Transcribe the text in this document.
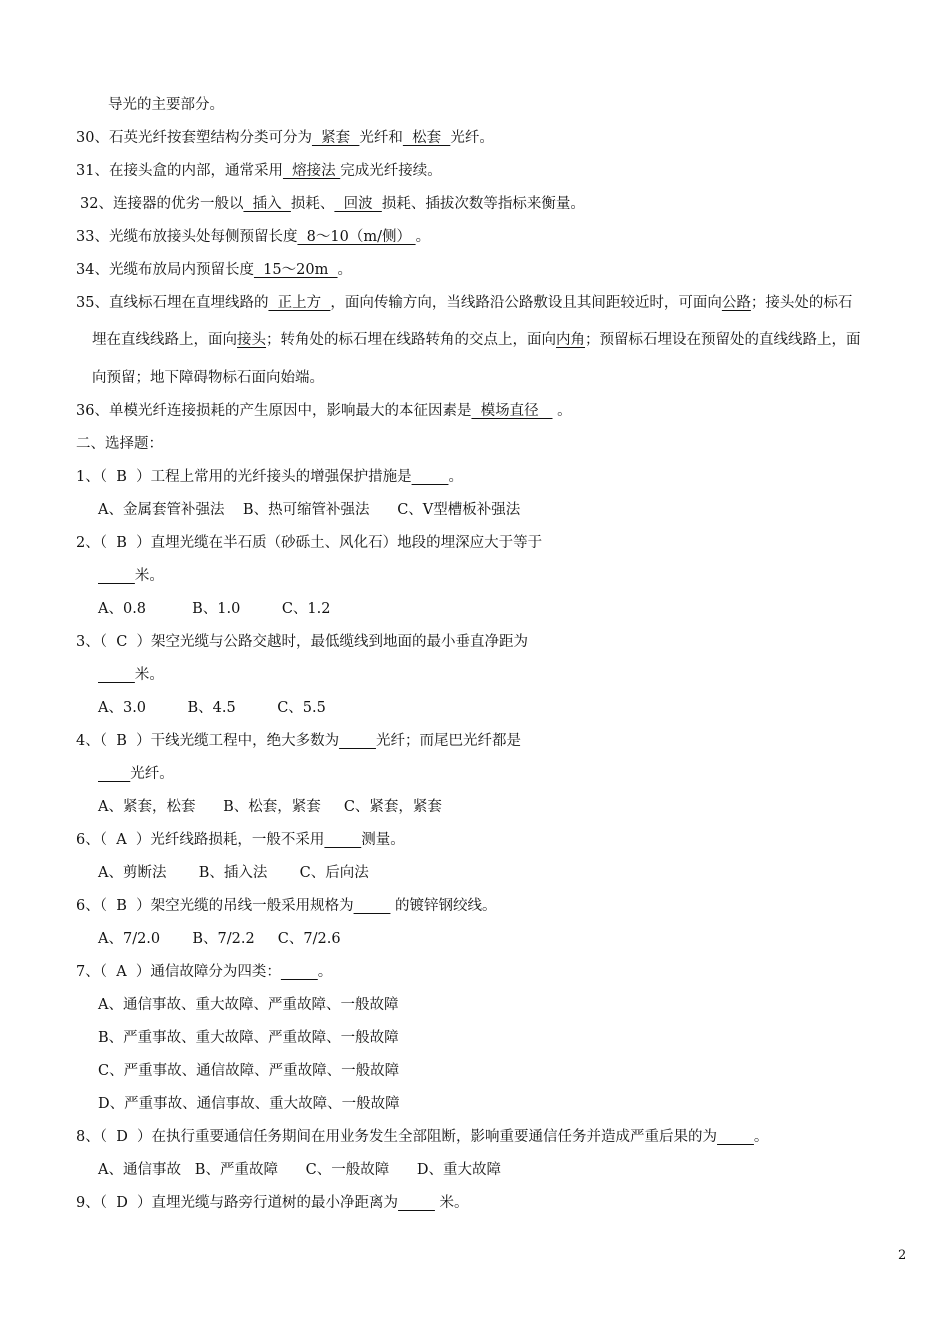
导光的主要部分。
30、石英光纤按套塑结构分类可分为  紧套  光纤和  松套  光纤。
31、在接头盒的内部，通常采用  熔接法 完成光纤接续。
32、连接器的优劣一般以  插入  损耗、  回波  损耗、插拔次数等指标来衡量。
33、光缆布放接头处每侧预留长度  8～10（m/侧） 。
34、光缆布放局内预留长度  15～20m  。
35、直线标石埋在直埋线路的  正上方  ，面向传输方向，当线路沿公路敷设且其间距较近时，可面向公路；接头处的标石
埋在直线线路上，面向接头；转角处的标石埋在线路转角的交点上，面向内角；预留标石埋设在预留处的直线线路上，面
向预留；地下障碍物标石面向始端。
36、单模光纤连接损耗的产生原因中，影响最大的本征因素是  模场直径    。
二、选择题：
1、（  B  ）工程上常用的光纤接头的增强保护措施是	。
A、金属套管补强法    B、热可缩管补强法      C、V型槽板补强法
2、（  B  ）直埋光缆在半石质（砂砾土、风化石）地段的埋深应大于等于
米。
A、0.8          B、1.0         C、1.2
3、（  C  ）架空光缆与公路交越时，最低缆线到地面的最小垂直净距为
米。
A、3.0         B、4.5         C、5.5
4、（  B  ）干线光缆工程中，绝大多数为	光纤；而尾巴光纤都是
光纤。
A、紧套，松套      B、松套，紧套     C、紧套，紧套
6、（  A  ）光纤线路损耗，一般不采用	测量。
A、剪断法       B、插入法       C、后向法
6、（  B  ）架空光缆的吊线一般采用规格为	的镀锌钢绞线。
A、7/2.0       B、7/2.2     C、7/2.6
7、（  A  ）通信故障分为四类：	。
A、通信事故、重大故障、严重故障、一般故障
B、严重事故、重大故障、严重故障、一般故障
C、严重事故、通信故障、严重故障、一般故障
D、严重事故、通信事故、重大故障、一般故障
8、（  D  ）在执行重要通信任务期间在用业务发生全部阻断，影响重要通信任务并造成严重后果的为	。
A、通信事故   B、严重故障      C、一般故障      D、重大故障
9、（  D  ）直埋光缆与路旁行道树的最小净距离为	米。
2
